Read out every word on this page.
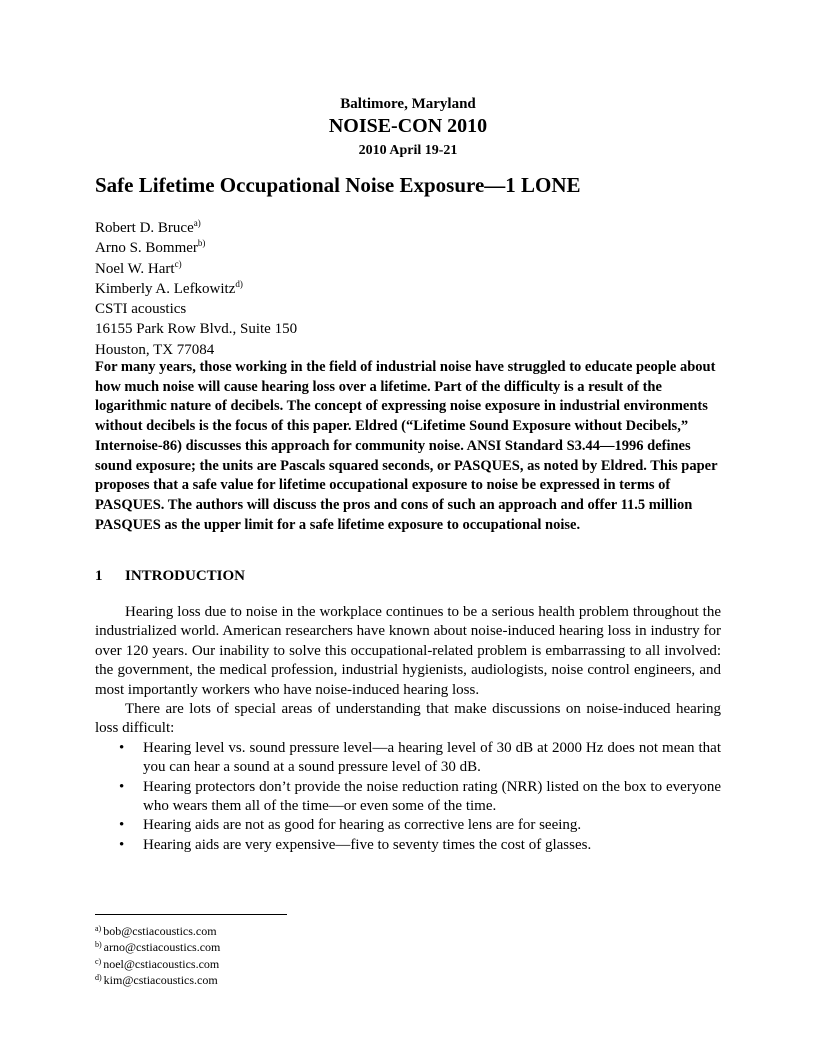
Baltimore, Maryland
NOISE-CON 2010
2010 April 19-21
Safe Lifetime Occupational Noise Exposure—1 LONE
Robert D. Bruce$^{a)}$
Arno S. Bommer$^{b)}$
Noel W. Hart$^{c)}$
Kimberly A. Lefkowitz$^{d)}$
CSTI acoustics
16155 Park Row Blvd., Suite 150
Houston, TX 77084

For many years, those working in the field of industrial noise have struggled to educate people about how much noise will cause hearing loss over a lifetime. Part of the difficulty is a result of the logarithmic nature of decibels. The concept of expressing noise exposure in industrial environments without decibels is the focus of this paper. Eldred (“Lifetime Sound Exposure without Decibels,” Internoise-86) discusses this approach for community noise. ANSI Standard S3.44—1996 defines sound exposure; the units are Pascals squared seconds, or PASQUES, as noted by Eldred. This paper proposes that a safe value for lifetime occupational exposure to noise be expressed in terms of PASQUES. The authors will discuss the pros and cons of such an approach and offer 11.5 million PASQUES as the upper limit for a safe lifetime exposure to occupational noise.

1 INTRODUCTION

Hearing loss due to noise in the workplace continues to be a serious health problem throughout the industrialized world. American researchers have known about noise-induced hearing loss in industry for over 120 years. Our inability to solve this occupational-related problem is embarrassing to all involved: the government, the medical profession, industrial hygienists, audiologists, noise control engineers, and most importantly workers who have noise-induced hearing loss.

There are lots of special areas of understanding that make discussions on noise-induced hearing loss difficult:

• Hearing level vs. sound pressure level—a hearing level of 30 dB at 2000 Hz does not mean that you can hear a sound at a sound pressure level of 30 dB.
• Hearing protectors don’t provide the noise reduction rating (NRR) listed on the box to everyone who wears them all of the time—or even some of the time.
• Hearing aids are not as good for hearing as corrective lens are for seeing.
• Hearing aids are very expensive—five to seventy times the cost of glasses.
$^{a)}$ bob@cstiacoustics.com
$^{b)}$ arno@cstiacoustics.com
$^{c)}$ noel@cstiacoustics.com
$^{d)}$ kim@cstiacoustics.com
